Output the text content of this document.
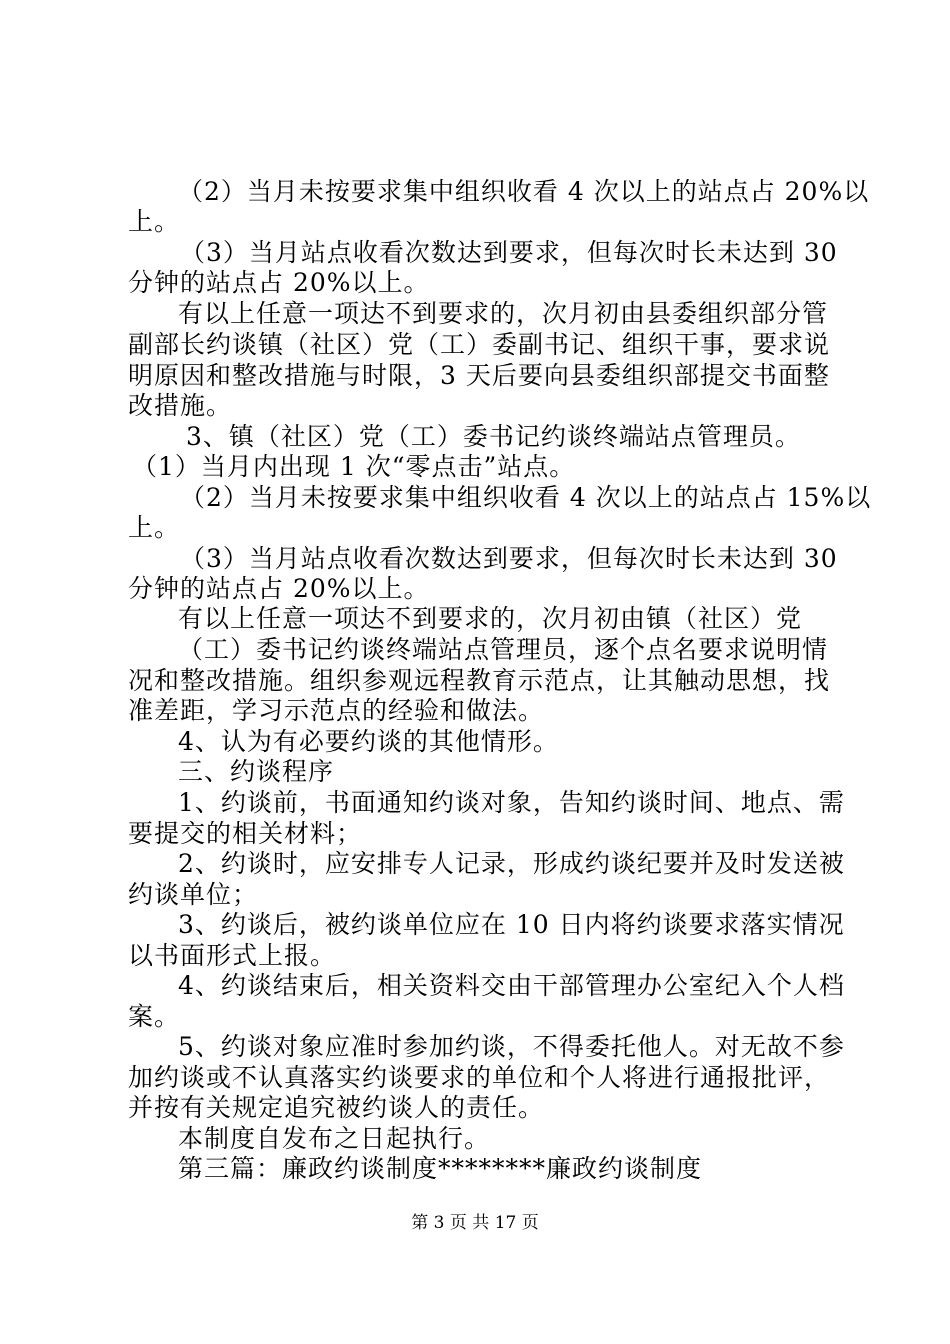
（2）当月未按要求集中组织收看 4 次以上的站点占 20%以
上。
（3）当月站点收看次数达到要求，但每次时长未达到 30
分钟的站点占 20%以上。
有以上任意一项达不到要求的，次月初由县委组织部分管
副部长约谈镇（社区）党（工）委副书记、组织干事，要求说
明原因和整改措施与时限，3 天后要向县委组织部提交书面整
改措施。
3、镇（社区）党（工）委书记约谈终端站点管理员。
（1）当月内出现 1 次“零点击”站点。
（2）当月未按要求集中组织收看 4 次以上的站点占 15%以
上。
（3）当月站点收看次数达到要求，但每次时长未达到 30
分钟的站点占 20%以上。
有以上任意一项达不到要求的，次月初由镇（社区）党
（工）委书记约谈终端站点管理员，逐个点名要求说明情
况和整改措施。组织参观远程教育示范点，让其触动思想，找
准差距，学习示范点的经验和做法。
4、认为有必要约谈的其他情形。
三、约谈程序
1、约谈前，书面通知约谈对象，告知约谈时间、地点、需
要提交的相关材料；
2、约谈时，应安排专人记录，形成约谈纪要并及时发送被
约谈单位；
3、约谈后，被约谈单位应在 10 日内将约谈要求落实情况
以书面形式上报。
4、约谈结束后，相关资料交由干部管理办公室纪入个人档
案。
5、约谈对象应准时参加约谈，不得委托他人。对无故不参
加约谈或不认真落实约谈要求的单位和个人将进行通报批评，
并按有关规定追究被约谈人的责任。
本制度自发布之日起执行。
第三篇：廉政约谈制度********廉政约谈制度
第 3 页 共 17 页
